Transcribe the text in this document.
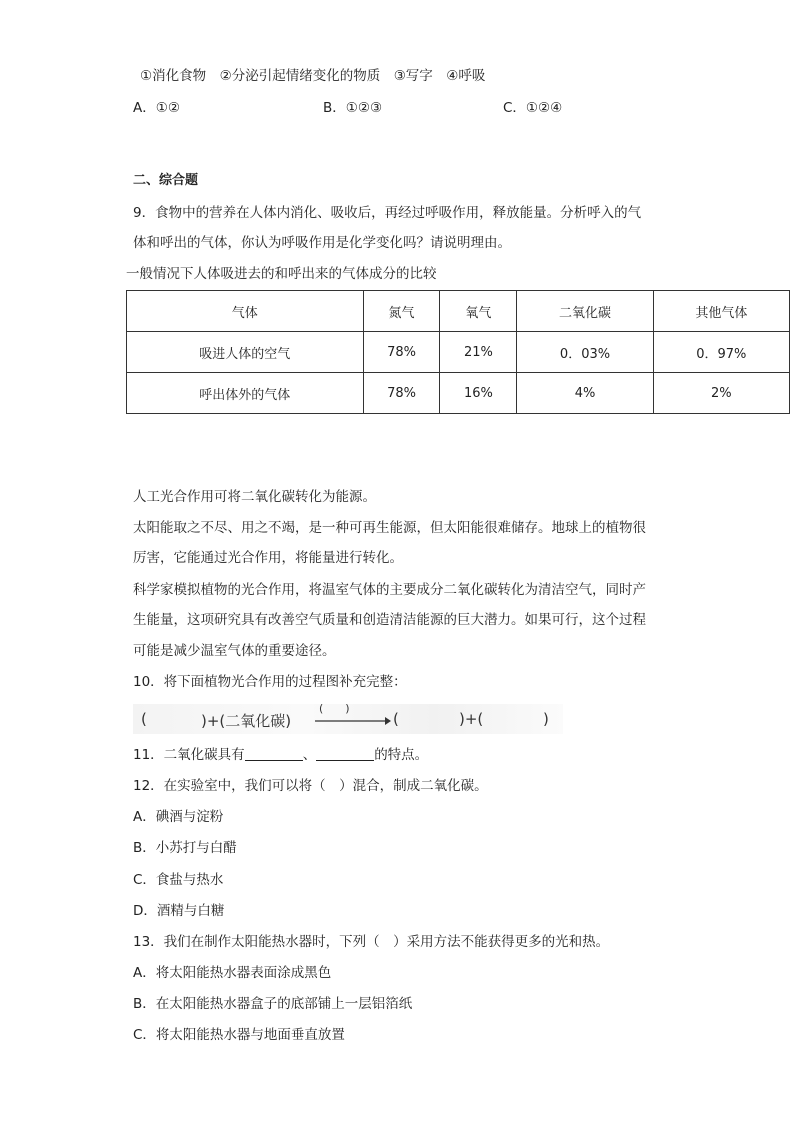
①消化食物　②分泌引起情绪变化的物质　③写字　④呼吸
A．①②	B．①②③	C．①②④
二、综合题
9．食物中的营养在人体内消化、吸收后，再经过呼吸作用，释放能量。分析呼入的气
体和呼出的气体，你认为呼吸作用是化学变化吗？请说明理由。
一般情况下人体吸进去的和呼出来的气体成分的比较
气体	氮气	氧气	二氧化碳	其他气体
吸进人体的空气	78%	21%	0．03%	0．97%
呼出体外的气体	78%	16%	4%	2%
人工光合作用可将二氧化碳转化为能源。
太阳能取之不尽、用之不竭，是一种可再生能源，但太阳能很难储存。地球上的植物很
厉害，它能通过光合作用，将能量进行转化。
科学家模拟植物的光合作用，将温室气体的主要成分二氧化碳转化为清洁空气，同时产
生能量，这项研究具有改善空气质量和创造清洁能源的巨大潜力。如果可行，这个过程
可能是减少温室气体的重要途径。
10．将下面植物光合作用的过程图补充完整：
(	)+(二氧化碳)
(　　)
(	)+(	)
11．二氧化碳具有	、	的特点。
12．在实验室中，我们可以将（　）混合，制成二氧化碳。
A．碘酒与淀粉
B．小苏打与白醋
C．食盐与热水
D．酒精与白糖
13．我们在制作太阳能热水器时，下列（　）采用方法不能获得更多的光和热。
A．将太阳能热水器表面涂成黑色
B．在太阳能热水器盒子的底部铺上一层铝箔纸
C．将太阳能热水器与地面垂直放置
